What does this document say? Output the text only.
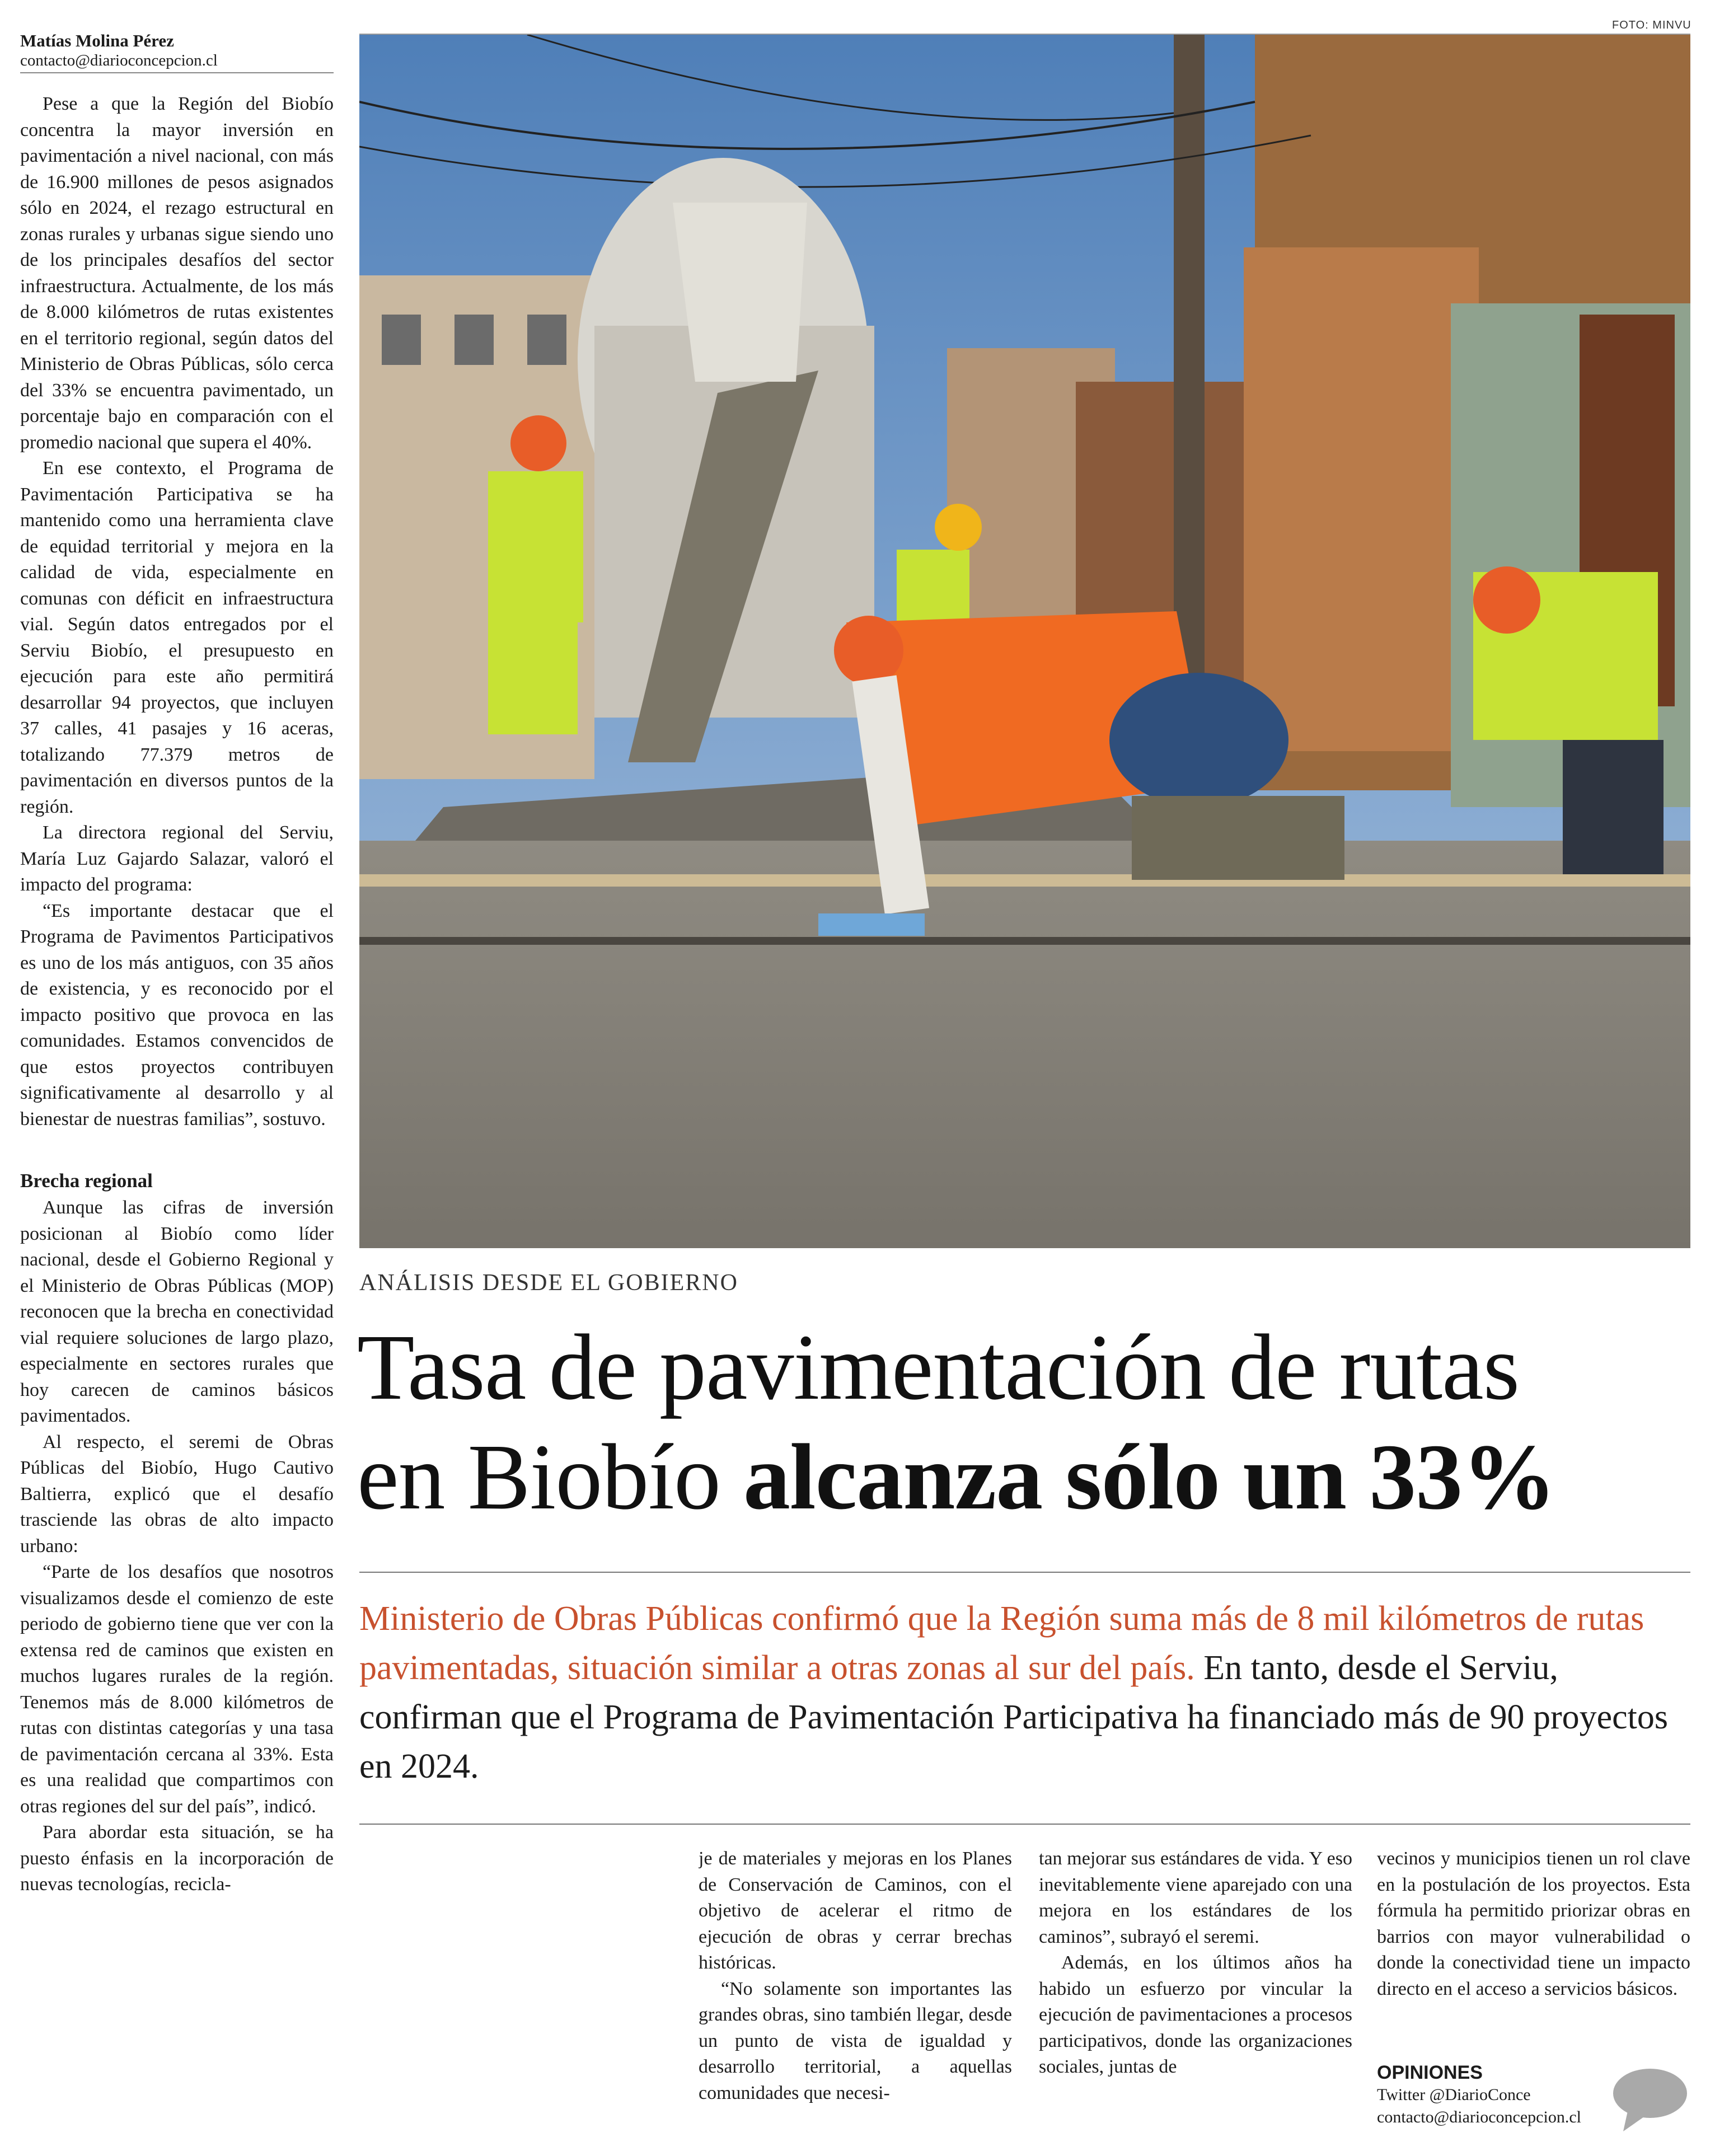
Matías Molina Pérez
contacto@diarioconcepcion.cl

Pese a que la Región del Biobío concentra la mayor inversión en pavimentación a nivel nacional, con más de 16.900 millones de pesos asignados sólo en 2024, el rezago estructural en zonas rurales y urbanas sigue siendo uno de los principales desafíos del sector infraestructura. Actualmente, de los más de 8.000 kilómetros de rutas existentes en el territorio regional, según datos del Ministerio de Obras Públicas, sólo cerca del 33% se encuentra pavimentado, un porcentaje bajo en comparación con el promedio nacional que supera el 40%.

En ese contexto, el Programa de Pavimentación Participativa se ha mantenido como una herramienta clave de equidad territorial y mejora en la calidad de vida, especialmente en comunas con déficit en infraestructura vial. Según datos entregados por el Serviu Biobío, el presupuesto en ejecución para este año permitirá desarrollar 94 proyectos, que incluyen 37 calles, 41 pasajes y 16 aceras, totalizando 77.379 metros de pavimentación en diversos puntos de la región.

La directora regional del Serviu, María Luz Gajardo Salazar, valoró el impacto del programa:

“Es importante destacar que el Programa de Pavimentos Participativos es uno de los más antiguos, con 35 años de existencia, y es reconocido por el impacto positivo que provoca en las comunidades. Estamos convencidos de que estos proyectos contribuyen significativamente al desarrollo y al bienestar de nuestras familias”, sostuvo.

Brecha regional

Aunque las cifras de inversión posicionan al Biobío como líder nacional, desde el Gobierno Regional y el Ministerio de Obras Públicas (MOP) reconocen que la brecha en conectividad vial requiere soluciones de largo plazo, especialmente en sectores rurales que hoy carecen de caminos básicos pavimentados.

Al respecto, el seremi de Obras Públicas del Biobío, Hugo Cautivo Baltierra, explicó que el desafío trasciende las obras de alto impacto urbano:

“Parte de los desafíos que nosotros visualizamos desde el comienzo de este periodo de gobierno tiene que ver con la extensa red de caminos que existen en muchos lugares rurales de la región. Tenemos más de 8.000 kilómetros de rutas con distintas categorías y una tasa de pavimentación cercana al 33%. Esta es una realidad que compartimos con otras regiones del sur del país”, indicó.

Para abordar esta situación, se ha puesto énfasis en la incorporación de nuevas tecnologías, recicla-

FOTO: MINVU
ANÁLISIS DESDE EL GOBIERNO
Tasa de pavimentación de rutas
en Biobío alcanza sólo un 33%

Ministerio de Obras Públicas confirmó que la Región suma más de 8 mil kilómetros de rutas pavimentadas, situación similar a otras zonas al sur del país. En tanto, desde el Serviu, confirman que el Programa de Pavimentación Participativa ha financiado más de 90 proyectos en 2024.

je de materiales y mejoras en los Planes de Conservación de Caminos, con el objetivo de acelerar el ritmo de ejecución de obras y cerrar brechas históricas.

“No solamente son importantes las grandes obras, sino también llegar, desde un punto de vista de igualdad y desarrollo territorial, a aquellas comunidades que necesi-

tan mejorar sus estándares de vida. Y eso inevitablemente viene aparejado con una mejora en los estándares de los caminos”, subrayó el seremi.

Además, en los últimos años ha habido un esfuerzo por vincular la ejecución de pavimentaciones a procesos participativos, donde las organizaciones sociales, juntas de

vecinos y municipios tienen un rol clave en la postulación de los proyectos. Esta fórmula ha permitido priorizar obras en barrios con mayor vulnerabilidad o donde la conectividad tiene un impacto directo en el acceso a servicios básicos.

OPINIONES
Twitter @DiarioConce
contacto@diarioconcepcion.cl
